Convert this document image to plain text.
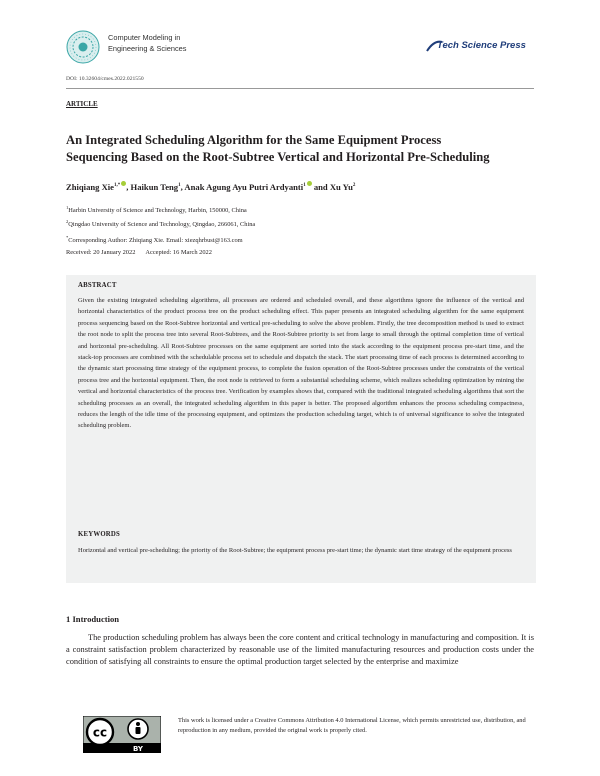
Computer Modeling in
Engineering & Sciences	Tech Science Press
DOI: 10.32604/cmes.2022.021550
ARTICLE
An Integrated Scheduling Algorithm for the Same Equipment Process
Sequencing Based on the Root-Subtree Vertical and Horizontal Pre-Scheduling
Zhiqiang Xie$^{1,*}$ , Haikun Teng$^1$, Anak Agung Ayu Putri Ardyanti$^1$ and Xu Yu$^2$
$^1$Harbin University of Science and Technology, Harbin, 150000, China
$^2$Qingdao University of Science and Technology, Qingdao, 266061, China
*Corresponding Author: Zhiqiang Xie. Email: xiezqhrbust@163.com
Received: 20 January 2022 Accepted: 16 March 2022
ABSTRACT
Given the existing integrated scheduling algorithms, all processes are ordered and scheduled overall, and these algorithms ignore the influence of the vertical and horizontal characteristics of the product process tree on the product scheduling effect. This paper presents an integrated scheduling algorithm for the same equipment process sequencing based on the Root-Subtree horizontal and vertical pre-scheduling to solve the above problem. Firstly, the tree decomposition method is used to extract the root node to split the process tree into several Root-Subtrees, and the Root-Subtree priority is set from large to small through the optimal completion time of vertical and horizontal pre-scheduling. All Root-Subtree processes on the same equipment are sorted into the stack according to the equipment process pre-start time, and the stack-top processes are combined with the schedulable process set to schedule and dispatch the stack. The start processing time of each process is determined according to the dynamic start processing time strategy of the equipment process, to complete the fusion operation of the Root-Subtree processes under the constraints of the vertical process tree and the horizontal equipment. Then, the root node is retrieved to form a substantial scheduling scheme, which realizes scheduling optimization by mining the vertical and horizontal characteristics of the process tree. Verification by examples shows that, compared with the traditional integrated scheduling algorithms that sort the scheduling processes as an overall, the integrated scheduling algorithm in this paper is better. The proposed algorithm enhances the process scheduling compactness, reduces the length of the idle time of the processing equipment, and optimizes the production scheduling target, which is of universal significance to solve the integrated scheduling problem.
KEYWORDS
Horizontal and vertical pre-scheduling; the priority of the Root-Subtree; the equipment process pre-start time; the dynamic start time strategy of the equipment process
1 Introduction
The production scheduling problem has always been the core content and critical technology in manufacturing and composition. It is a constraint satisfaction problem characterized by reasonable use of the limited manufacturing resources and production costs under the condition of satisfying all constraints to ensure the optimal production target selected by the enterprise and maximize
cc
BY
This work is licensed under a Creative Commons Attribution 4.0 International License, which permits unrestricted use, distribution, and reproduction in any medium, provided the original work is properly cited.
